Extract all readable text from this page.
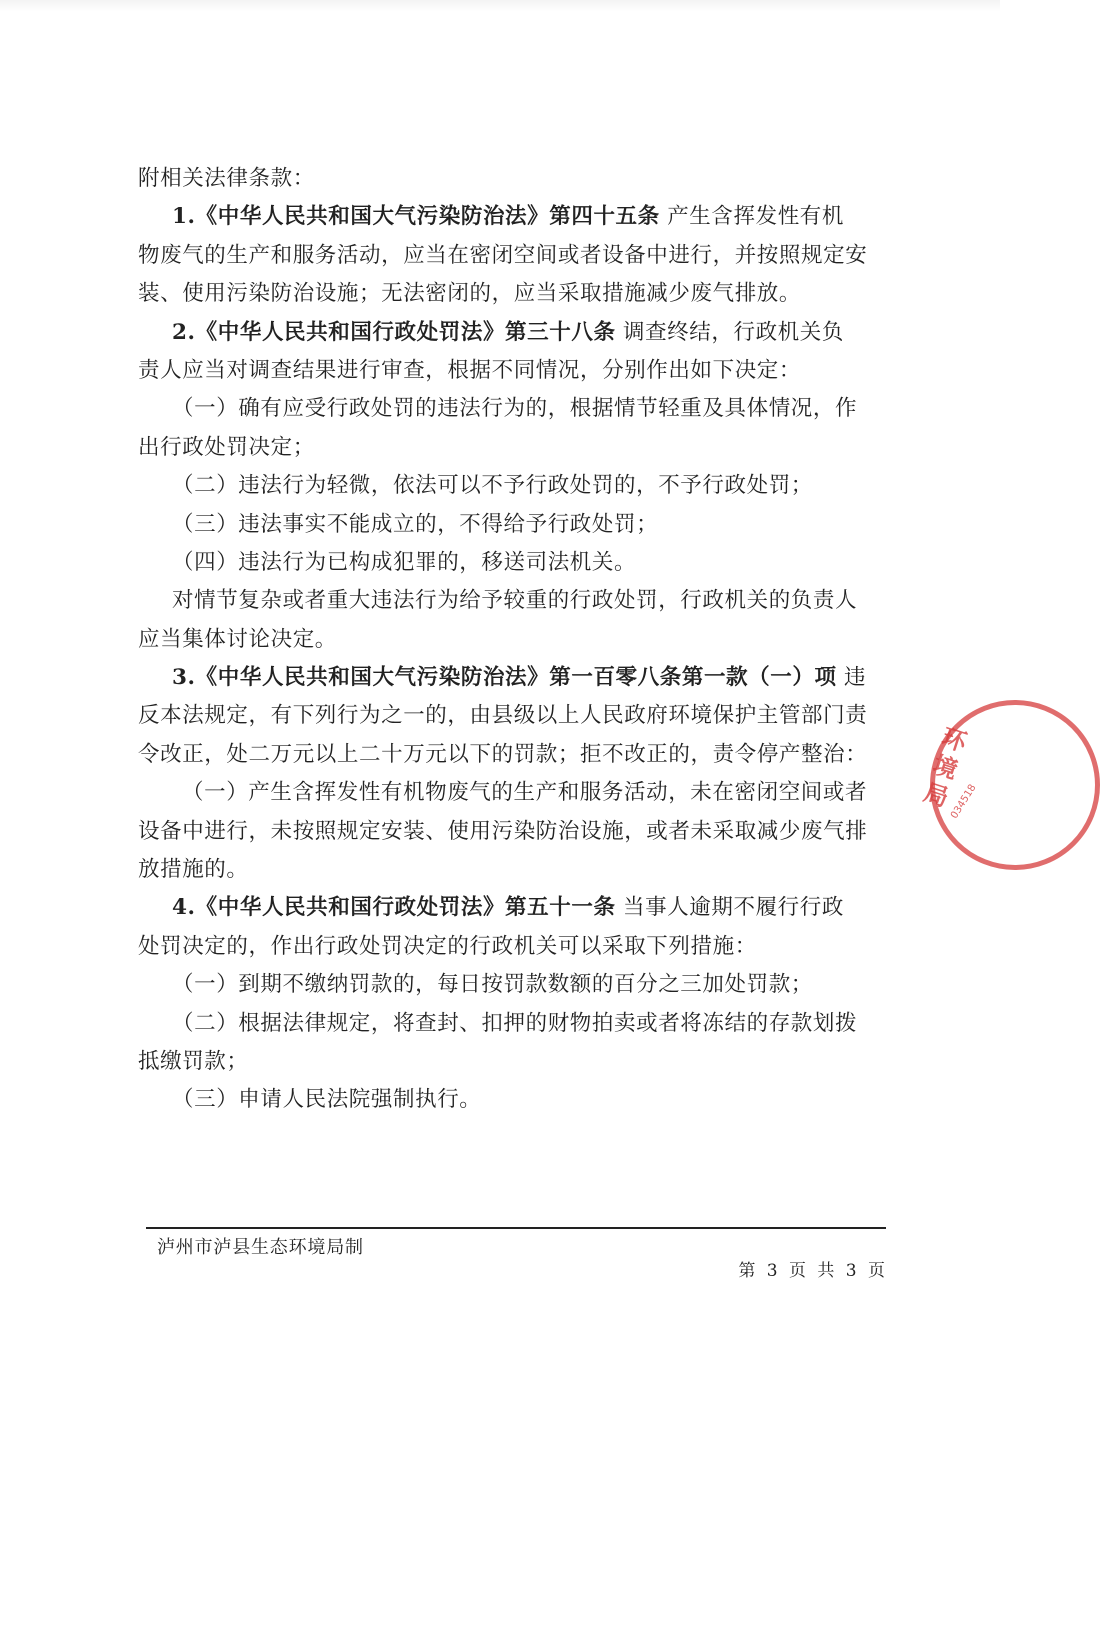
附相关法律条款：
1.《中华人民共和国大气污染防治法》第四十五条 产生含挥发性有机
物废气的生产和服务活动，应当在密闭空间或者设备中进行，并按照规定安
装、使用污染防治设施；无法密闭的，应当采取措施减少废气排放。
2.《中华人民共和国行政处罚法》第三十八条 调查终结，行政机关负
责人应当对调查结果进行审查，根据不同情况，分别作出如下决定：
（一）确有应受行政处罚的违法行为的，根据情节轻重及具体情况，作
出行政处罚决定；
（二）违法行为轻微，依法可以不予行政处罚的，不予行政处罚；
（三）违法事实不能成立的，不得给予行政处罚；
（四）违法行为已构成犯罪的，移送司法机关。
对情节复杂或者重大违法行为给予较重的行政处罚，行政机关的负责人
应当集体讨论决定。
3.《中华人民共和国大气污染防治法》第一百零八条第一款（一）项 违
反本法规定，有下列行为之一的，由县级以上人民政府环境保护主管部门责
令改正，处二万元以上二十万元以下的罚款；拒不改正的，责令停产整治：
（一）产生含挥发性有机物废气的生产和服务活动，未在密闭空间或者
设备中进行，未按照规定安装、使用污染防治设施，或者未采取减少废气排
放措施的。
4.《中华人民共和国行政处罚法》第五十一条 当事人逾期不履行行政
处罚决定的，作出行政处罚决定的行政机关可以采取下列措施：
（一）到期不缴纳罚款的，每日按罚款数额的百分之三加处罚款；
（二）根据法律规定，将查封、扣押的财物拍卖或者将冻结的存款划拨
抵缴罚款；
（三）申请人民法院强制执行。
泸州市泸县生态环境局制
第 3 页 共 3 页
环境局
034518
